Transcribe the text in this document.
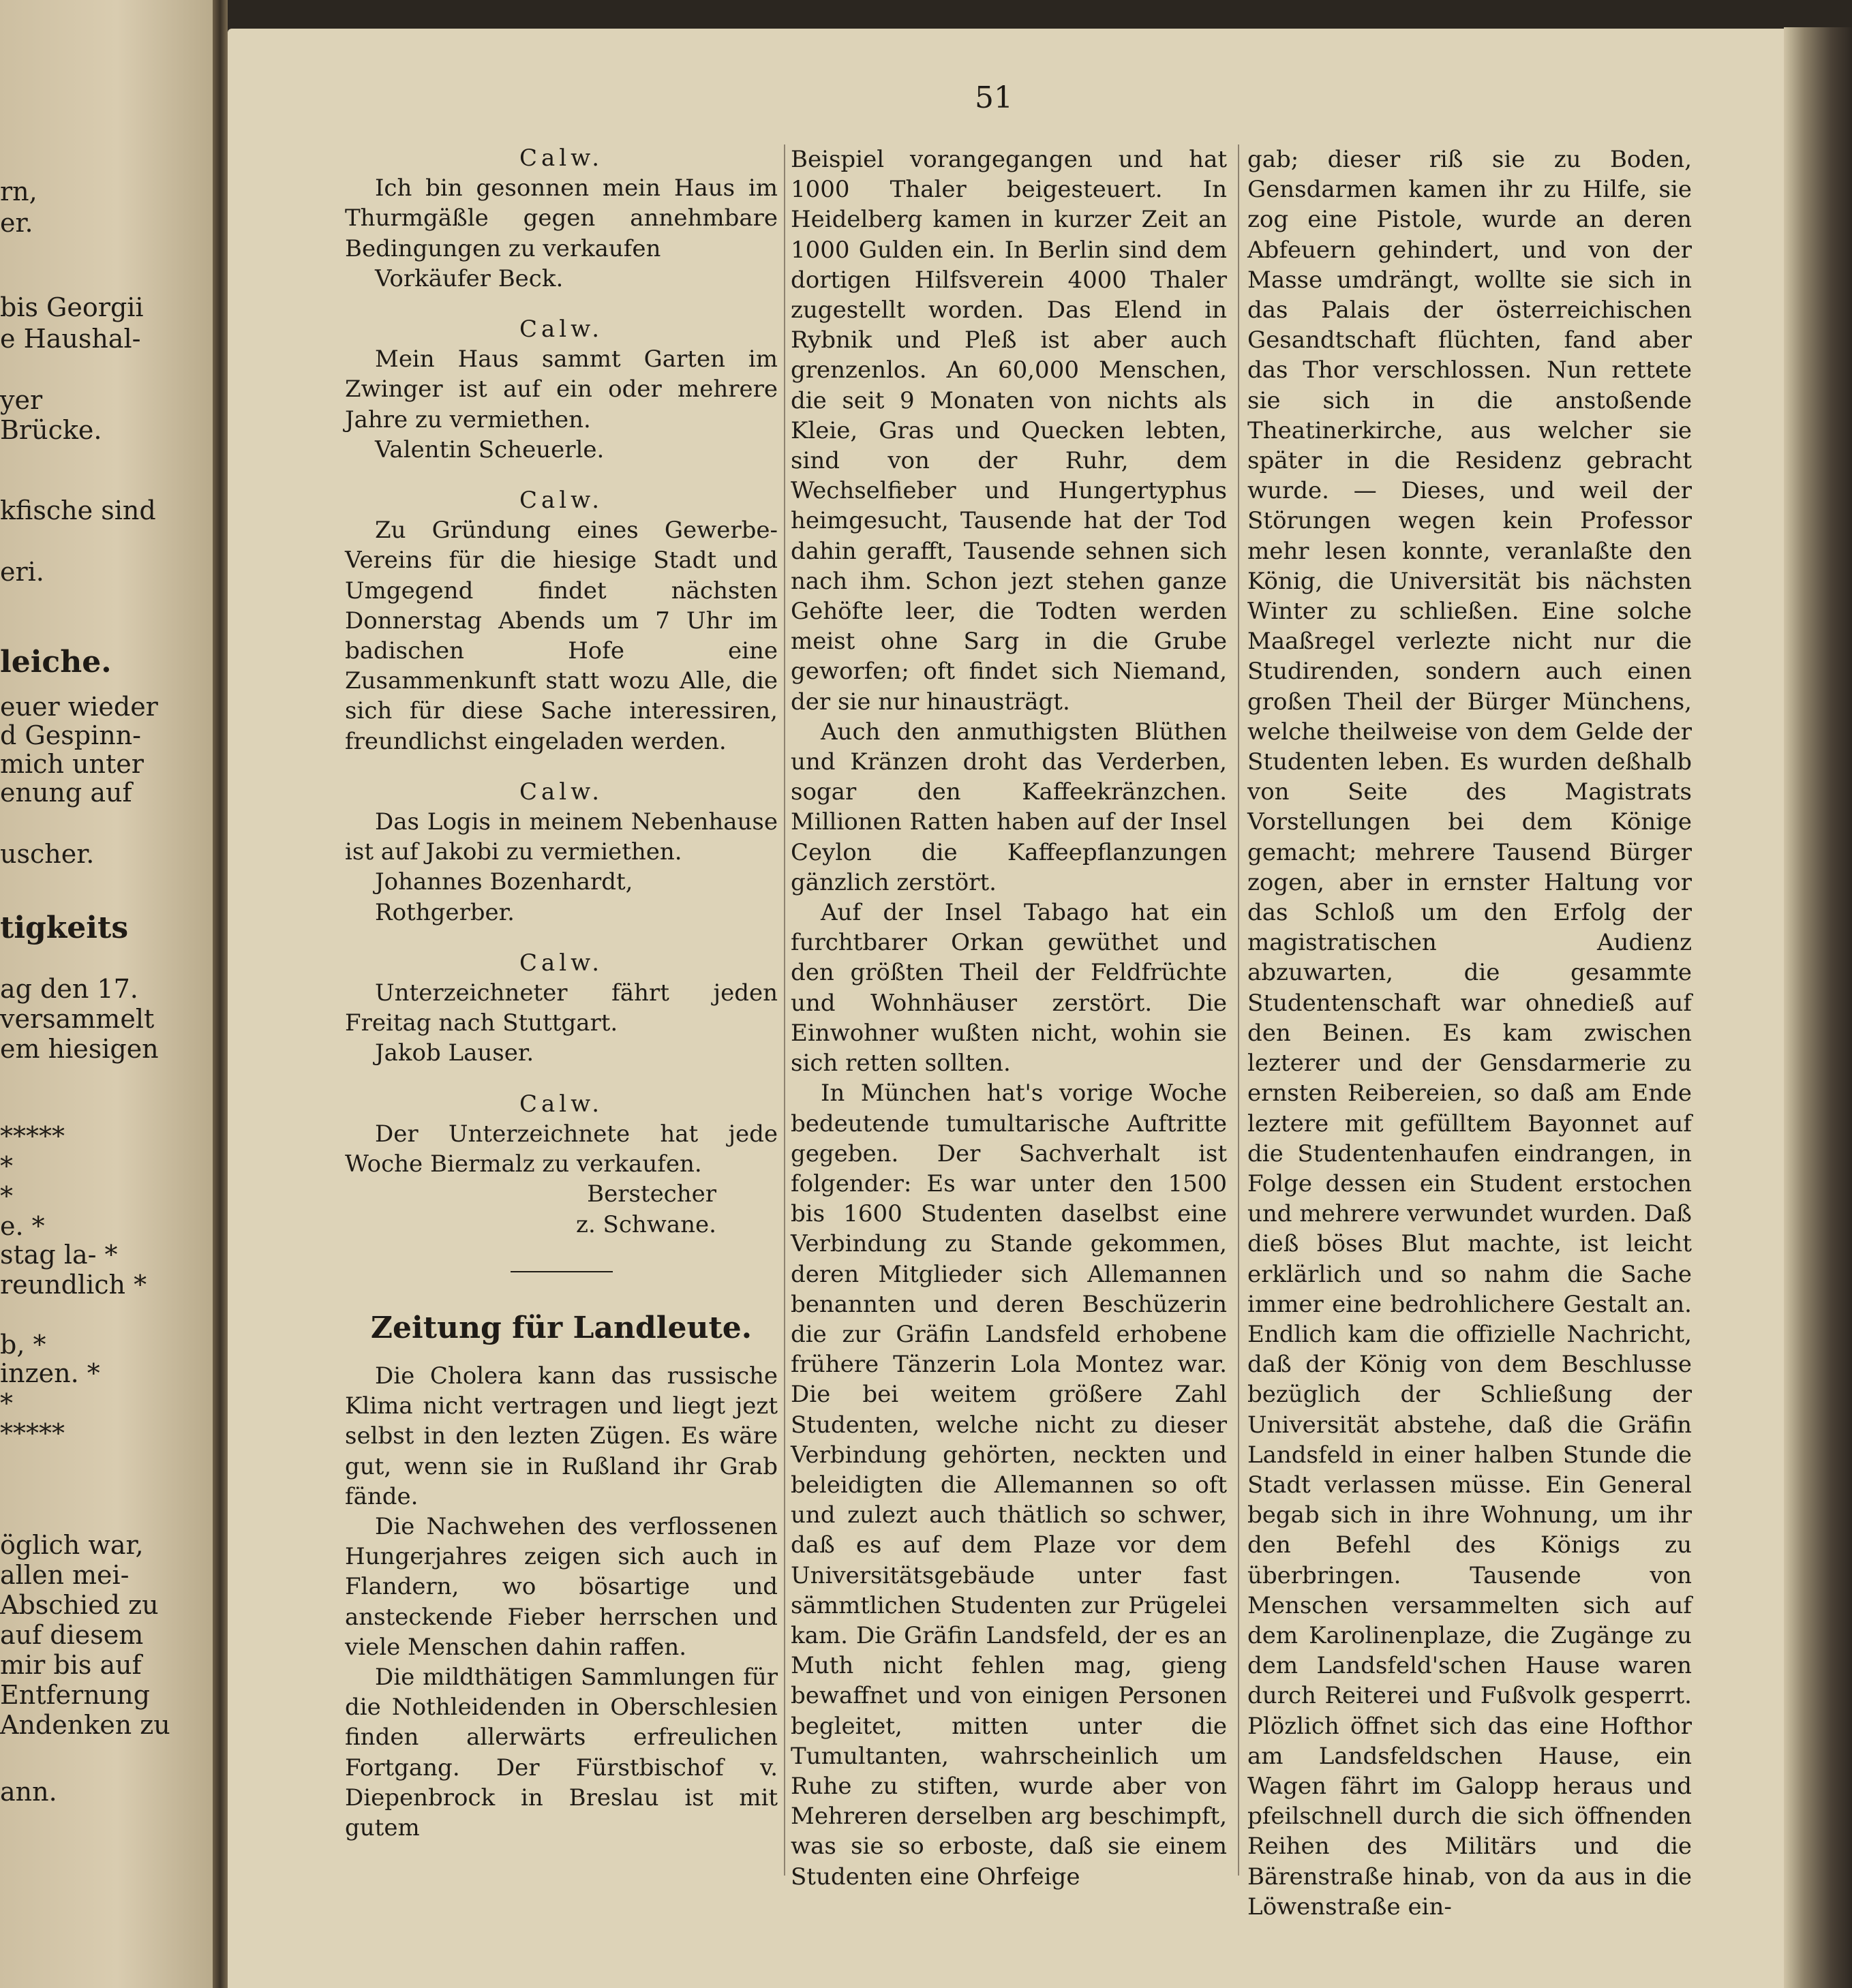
rn,
er.
bis Georgii
e Haushal-
yer
Brücke.
kfische sind
eri.
leiche.
euer wieder
d Gespinn-
mich unter
enung auf
uscher.
tigkeits
ag den 17.
versammelt
em hiesigen
*****
*
*
e. *
stag la- *
reundlich *
b, *
inzen. *
*
*****
öglich war,
allen mei-
Abschied zu
auf diesem
mir bis auf
Entfernung
Andenken zu
ann.
51
Calw.

Ich bin gesonnen mein Haus im Thurmgäßle gegen annehmbare Bedingungen zu verkaufen

Vorkäufer Beck.

Calw.

Mein Haus sammt Garten im Zwinger ist auf ein oder mehrere Jahre zu vermiethen.

Valentin Scheuerle.

Calw.

Zu Gründung eines Gewerbe-Vereins für die hiesige Stadt und Umgegend findet nächsten Donnerstag Abends um 7 Uhr im badischen Hofe eine Zusammenkunft statt wozu Alle, die sich für diese Sache interessiren, freundlichst eingeladen werden.

Calw.

Das Logis in meinem Nebenhause ist auf Jakobi zu vermiethen.

Johannes Bozenhardt,

Rothgerber.

Calw.

Unterzeichneter fährt jeden Freitag nach Stuttgart.

Jakob Lauser.

Calw.

Der Unterzeichnete hat jede Woche Biermalz zu verkaufen.

Berstecher

z. Schwane.

Zeitung für Landleute.

Die Cholera kann das russische Klima nicht vertragen und liegt jezt selbst in den lezten Zügen. Es wäre gut, wenn sie in Rußland ihr Grab fände.

Die Nachwehen des verflossenen Hungerjahres zeigen sich auch in Flandern, wo bösartige und ansteckende Fieber herrschen und viele Menschen dahin raffen.

Die mildthätigen Sammlungen für die Nothleidenden in Oberschlesien finden allerwärts erfreulichen Fortgang. Der Fürstbischof v. Diepenbrock in Breslau ist mit gutem

Beispiel vorangegangen und hat 1000 Thaler beigesteuert. In Heidelberg kamen in kurzer Zeit an 1000 Gulden ein. In Berlin sind dem dortigen Hilfsverein 4000 Thaler zugestellt worden. Das Elend in Rybnik und Pleß ist aber auch grenzenlos. An 60,000 Menschen, die seit 9 Monaten von nichts als Kleie, Gras und Quecken lebten, sind von der Ruhr, dem Wechselfieber und Hungertyphus heimgesucht, Tausende hat der Tod dahin gerafft, Tausende sehnen sich nach ihm. Schon jezt stehen ganze Gehöfte leer, die Todten werden meist ohne Sarg in die Grube geworfen; oft findet sich Niemand, der sie nur hinausträgt.

Auch den anmuthigsten Blüthen und Kränzen droht das Verderben, sogar den Kaffeekränzchen. Millionen Ratten haben auf der Insel Ceylon die Kaffeepflanzungen gänzlich zerstört.

Auf der Insel Tabago hat ein furchtbarer Orkan gewüthet und den größten Theil der Feldfrüchte und Wohnhäuser zerstört. Die Einwohner wußten nicht, wohin sie sich retten sollten.

In München hat's vorige Woche bedeutende tumultarische Auftritte gegeben. Der Sachverhalt ist folgender: Es war unter den 1500 bis 1600 Studenten daselbst eine Verbindung zu Stande gekommen, deren Mitglieder sich Allemannen benannten und deren Beschüzerin die zur Gräfin Landsfeld erhobene frühere Tänzerin Lola Montez war. Die bei weitem größere Zahl Studenten, welche nicht zu dieser Verbindung gehörten, neckten und beleidigten die Allemannen so oft und zulezt auch thätlich so schwer, daß es auf dem Plaze vor dem Universitätsgebäude unter fast sämmtlichen Studenten zur Prügelei kam. Die Gräfin Landsfeld, der es an Muth nicht fehlen mag, gieng bewaffnet und von einigen Personen begleitet, mitten unter die Tumultanten, wahrscheinlich um Ruhe zu stiften, wurde aber von Mehreren derselben arg beschimpft, was sie so erboste, daß sie einem Studenten eine Ohrfeige

gab; dieser riß sie zu Boden, Gensdarmen kamen ihr zu Hilfe, sie zog eine Pistole, wurde an deren Abfeuern gehindert, und von der Masse umdrängt, wollte sie sich in das Palais der österreichischen Gesandtschaft flüchten, fand aber das Thor verschlossen. Nun rettete sie sich in die anstoßende Theatinerkirche, aus welcher sie später in die Residenz gebracht wurde. — Dieses, und weil der Störungen wegen kein Professor mehr lesen konnte, veranlaßte den König, die Universität bis nächsten Winter zu schließen. Eine solche Maaßregel verlezte nicht nur die Studirenden, sondern auch einen großen Theil der Bürger Münchens, welche theilweise von dem Gelde der Studenten leben. Es wurden deßhalb von Seite des Magistrats Vorstellungen bei dem Könige gemacht; mehrere Tausend Bürger zogen, aber in ernster Haltung vor das Schloß um den Erfolg der magistratischen Audienz abzuwarten, die gesammte Studentenschaft war ohnedieß auf den Beinen. Es kam zwischen lezterer und der Gensdarmerie zu ernsten Reibereien, so daß am Ende leztere mit gefülltem Bayonnet auf die Studentenhaufen eindrangen, in Folge dessen ein Student erstochen und mehrere verwundet wurden. Daß dieß böses Blut machte, ist leicht erklärlich und so nahm die Sache immer eine bedrohlichere Gestalt an. Endlich kam die offizielle Nachricht, daß der König von dem Beschlusse bezüglich der Schließung der Universität abstehe, daß die Gräfin Landsfeld in einer halben Stunde die Stadt verlassen müsse. Ein General begab sich in ihre Wohnung, um ihr den Befehl des Königs zu überbringen. Tausende von Menschen versammelten sich auf dem Karolinenplaze, die Zugänge zu dem Landsfeld'schen Hause waren durch Reiterei und Fußvolk gesperrt. Plözlich öffnet sich das eine Hofthor am Landsfeldschen Hause, ein Wagen fährt im Galopp heraus und pfeilschnell durch die sich öffnenden Reihen des Militärs und die Bärenstraße hinab, von da aus in die Löwenstraße ein-
